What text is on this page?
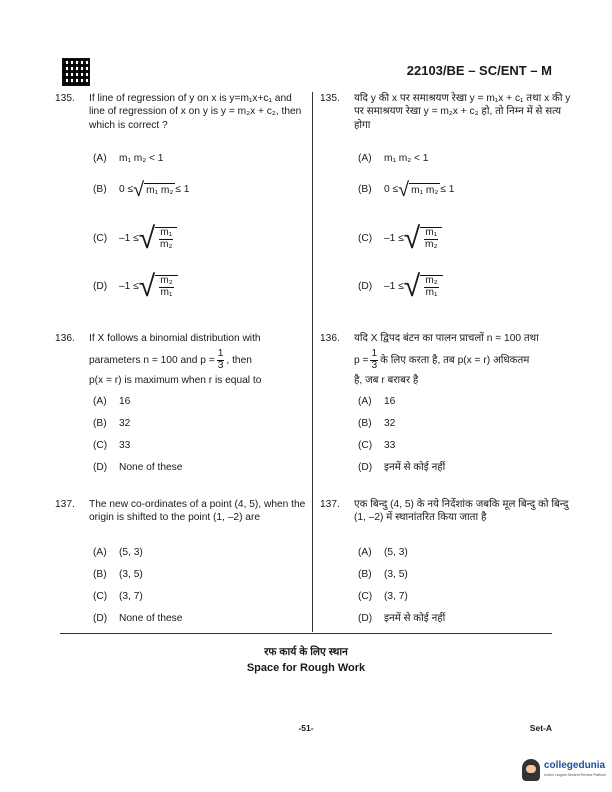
22103/BE – SC/ENT – M
135.	If line of regression of y on x is y=m₁x+c₁ and line of regression of x on y is y = m₂x + c₂, then which is correct ?
(A)	m₁ m₂ < 1
(B)	0 ≤ √ m₁ m₂ ≤ 1
(C)	–1 ≤ √ $\frac{\text{m₁}}{\text{m₂}}$
(D)	–1 ≤ √ $\frac{\text{m₂}}{\text{m₁}}$
136.	If X follows a binomial distribution with
parameters n = 100 and $p = \frac{1}{3}$ , then
p(x = r) is maximum when r is equal to
(A)	16
(B)	32
(C)	33
(D)	None of these
137.	The new co-ordinates of a point (4, 5), when the origin is shifted to the point (1, –2) are
(A)	(5, 3)
(B)	(3, 5)
(C)	(3, 7)
(D)	None of these
135.	यदि y की x पर समाश्रयण रेखा y = m₁x + c₁ तथा x की y पर समाश्रयण रेखा y = m₂x + c₂ हो, तो निम्न में से सत्य होगा
(A)	m₁ m₂ < 1
(B)	0 ≤ √ m₁ m₂ ≤ 1
(C)	–1 ≤ √ $\frac{\text{m₁}}{\text{m₂}}$
(D)	–1 ≤ √ $\frac{\text{m₂}}{\text{m₁}}$
136.	यदि X द्विपद बंटन का पालन प्राचलों n = 100 तथा
$p = \frac{1}{3}$ के लिए करता है, तब p(x = r) अधिकतम
है, जब r बराबर है
(A)	16
(B)	32
(C)	33
(D)	इनमें से कोई नहीं
137.	एक बिन्दु (4, 5) के नये निर्देशांक जबकि मूल बिन्दु को बिन्दु (1, –2) में स्थानांतरित किया जाता है
(A)	(5, 3)
(B)	(3, 5)
(C)	(3, 7)
(D)	इनमें से कोई नहीं
रफ कार्य के लिए स्थान
Space for Rough Work
-51-	Set-A
collegedunia
India's Largest Student Review Platform
